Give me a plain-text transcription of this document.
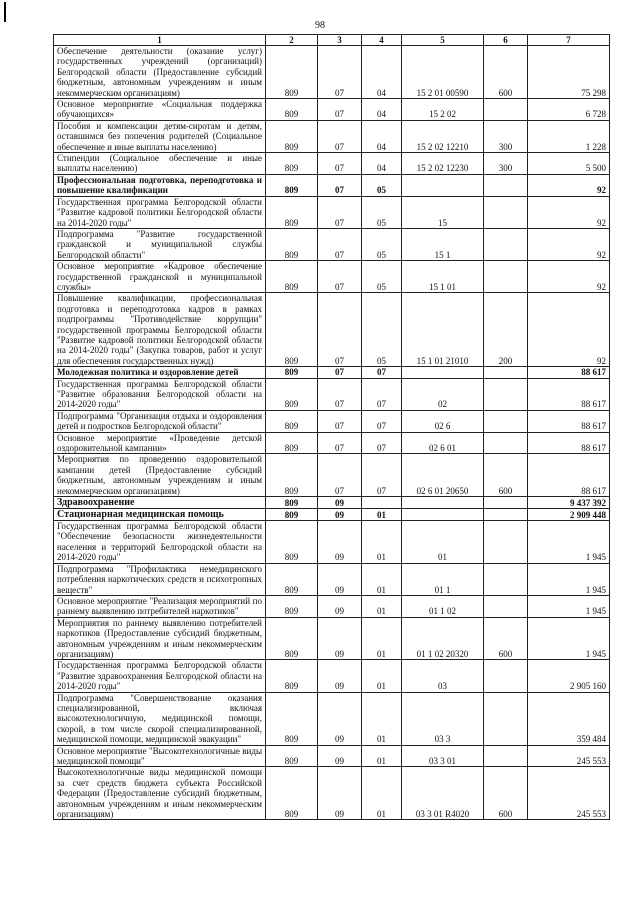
98
1	2	3	4	5	6	7
Обеспечение деятельности (оказание услуг) государственных учреждений (организаций) Белгородской области (Предоставление субсидий бюджетным, автономным учреждениям и иным некоммерческим организациям)	809	07	04	15 2 01 00590	600	75 298
Основное мероприятие «Социальная поддержка обучающихся»	809	07	04	15 2 02		6 728
Пособия и компенсации детям-сиротам и детям, оставшимся без попечения родителей (Социальное обеспечение и иные выплаты населению)	809	07	04	15 2 02 12210	300	1 228
Стипендии (Социальное обеспечение и иные выплаты населению)	809	07	04	15 2 02 12230	300	5 500
Профессиональная подготовка, переподготовка и повышение квалификации	809	07	05			92
Государственная программа Белгородской области "Развитие кадровой политики Белгородской области на 2014-2020 годы"	809	07	05	15		92
Подпрограмма "Развитие государственной гражданской и муниципальной службы Белгородской области"	809	07	05	15 1		92
Основное мероприятие «Кадровое обеспечение государственной гражданской и муниципальной службы»	809	07	05	15 1 01		92
Повышение квалификации, профессиональная подготовка и переподготовка кадров в рамках подпрограммы "Противодействие коррупции" государственной программы Белгородской области "Развитие кадровой политики Белгородской области на 2014-2020 годы" (Закупка товаров, работ и услуг для обеспечения государственных нужд)	809	07	05	15 1 01 21010	200	92
Молодежная политика и оздоровление детей	809	07	07			88 617
Государственная программа Белгородской области "Развитие образования Белгородской области на 2014-2020 годы"	809	07	07	02		88 617
Подпрограмма "Организация отдыха и оздоровления детей и подростков Белгородской области"	809	07	07	02 6		88 617
Основное мероприятие «Проведение детской оздоровительной кампании»	809	07	07	02 6 01		88 617
Мероприятия по проведению оздоровительной кампании детей (Предоставление субсидий бюджетным, автономным учреждениям и иным некоммерческим организациям)	809	07	07	02 6 01 20650	600	88 617
Здравоохранение	809	09				9 437 392
Стационарная медицинская помощь	809	09	01			2 909 448
Государственная программа Белгородской области "Обеспечение безопасности жизнедеятельности населения и территорий Белгородской области на 2014-2020 годы"	809	09	01	01		1 945
Подпрограмма "Профилактика немедицинского потребления наркотических средств и психотропных веществ"	809	09	01	01 1		1 945
Основное мероприятие "Реализация мероприятий по раннему выявлению потребителей наркотиков"	809	09	01	01 1 02		1 945
Мероприятия по раннему выявлению потребителей наркотиков (Предоставление субсидий бюджетным, автономным учреждениям и иным некоммерческим организациям)	809	09	01	01 1 02 20320	600	1 945
Государственная программа Белгородской области "Развитие здравоохранения Белгородской области на 2014-2020 годы"	809	09	01	03		2 905 160
Подпрограмма "Совершенствование оказания специализированной, включая высокотехнологичную, медицинской помощи, скорой, в том числе скорой специализированной, медицинской помощи, медицинской эвакуации"	809	09	01	03 3		359 484
Основное мероприятие "Высокотехнологичные виды медицинской помощи"	809	09	01	03 3 01		245 553
Высокотехнологичные виды медицинской помощи за счет средств бюджета субъекта Российской Федерации (Предоставление субсидий бюджетным, автономным учреждениям и иным некоммерческим организациям)	809	09	01	03 3 01 R4020	600	245 553
